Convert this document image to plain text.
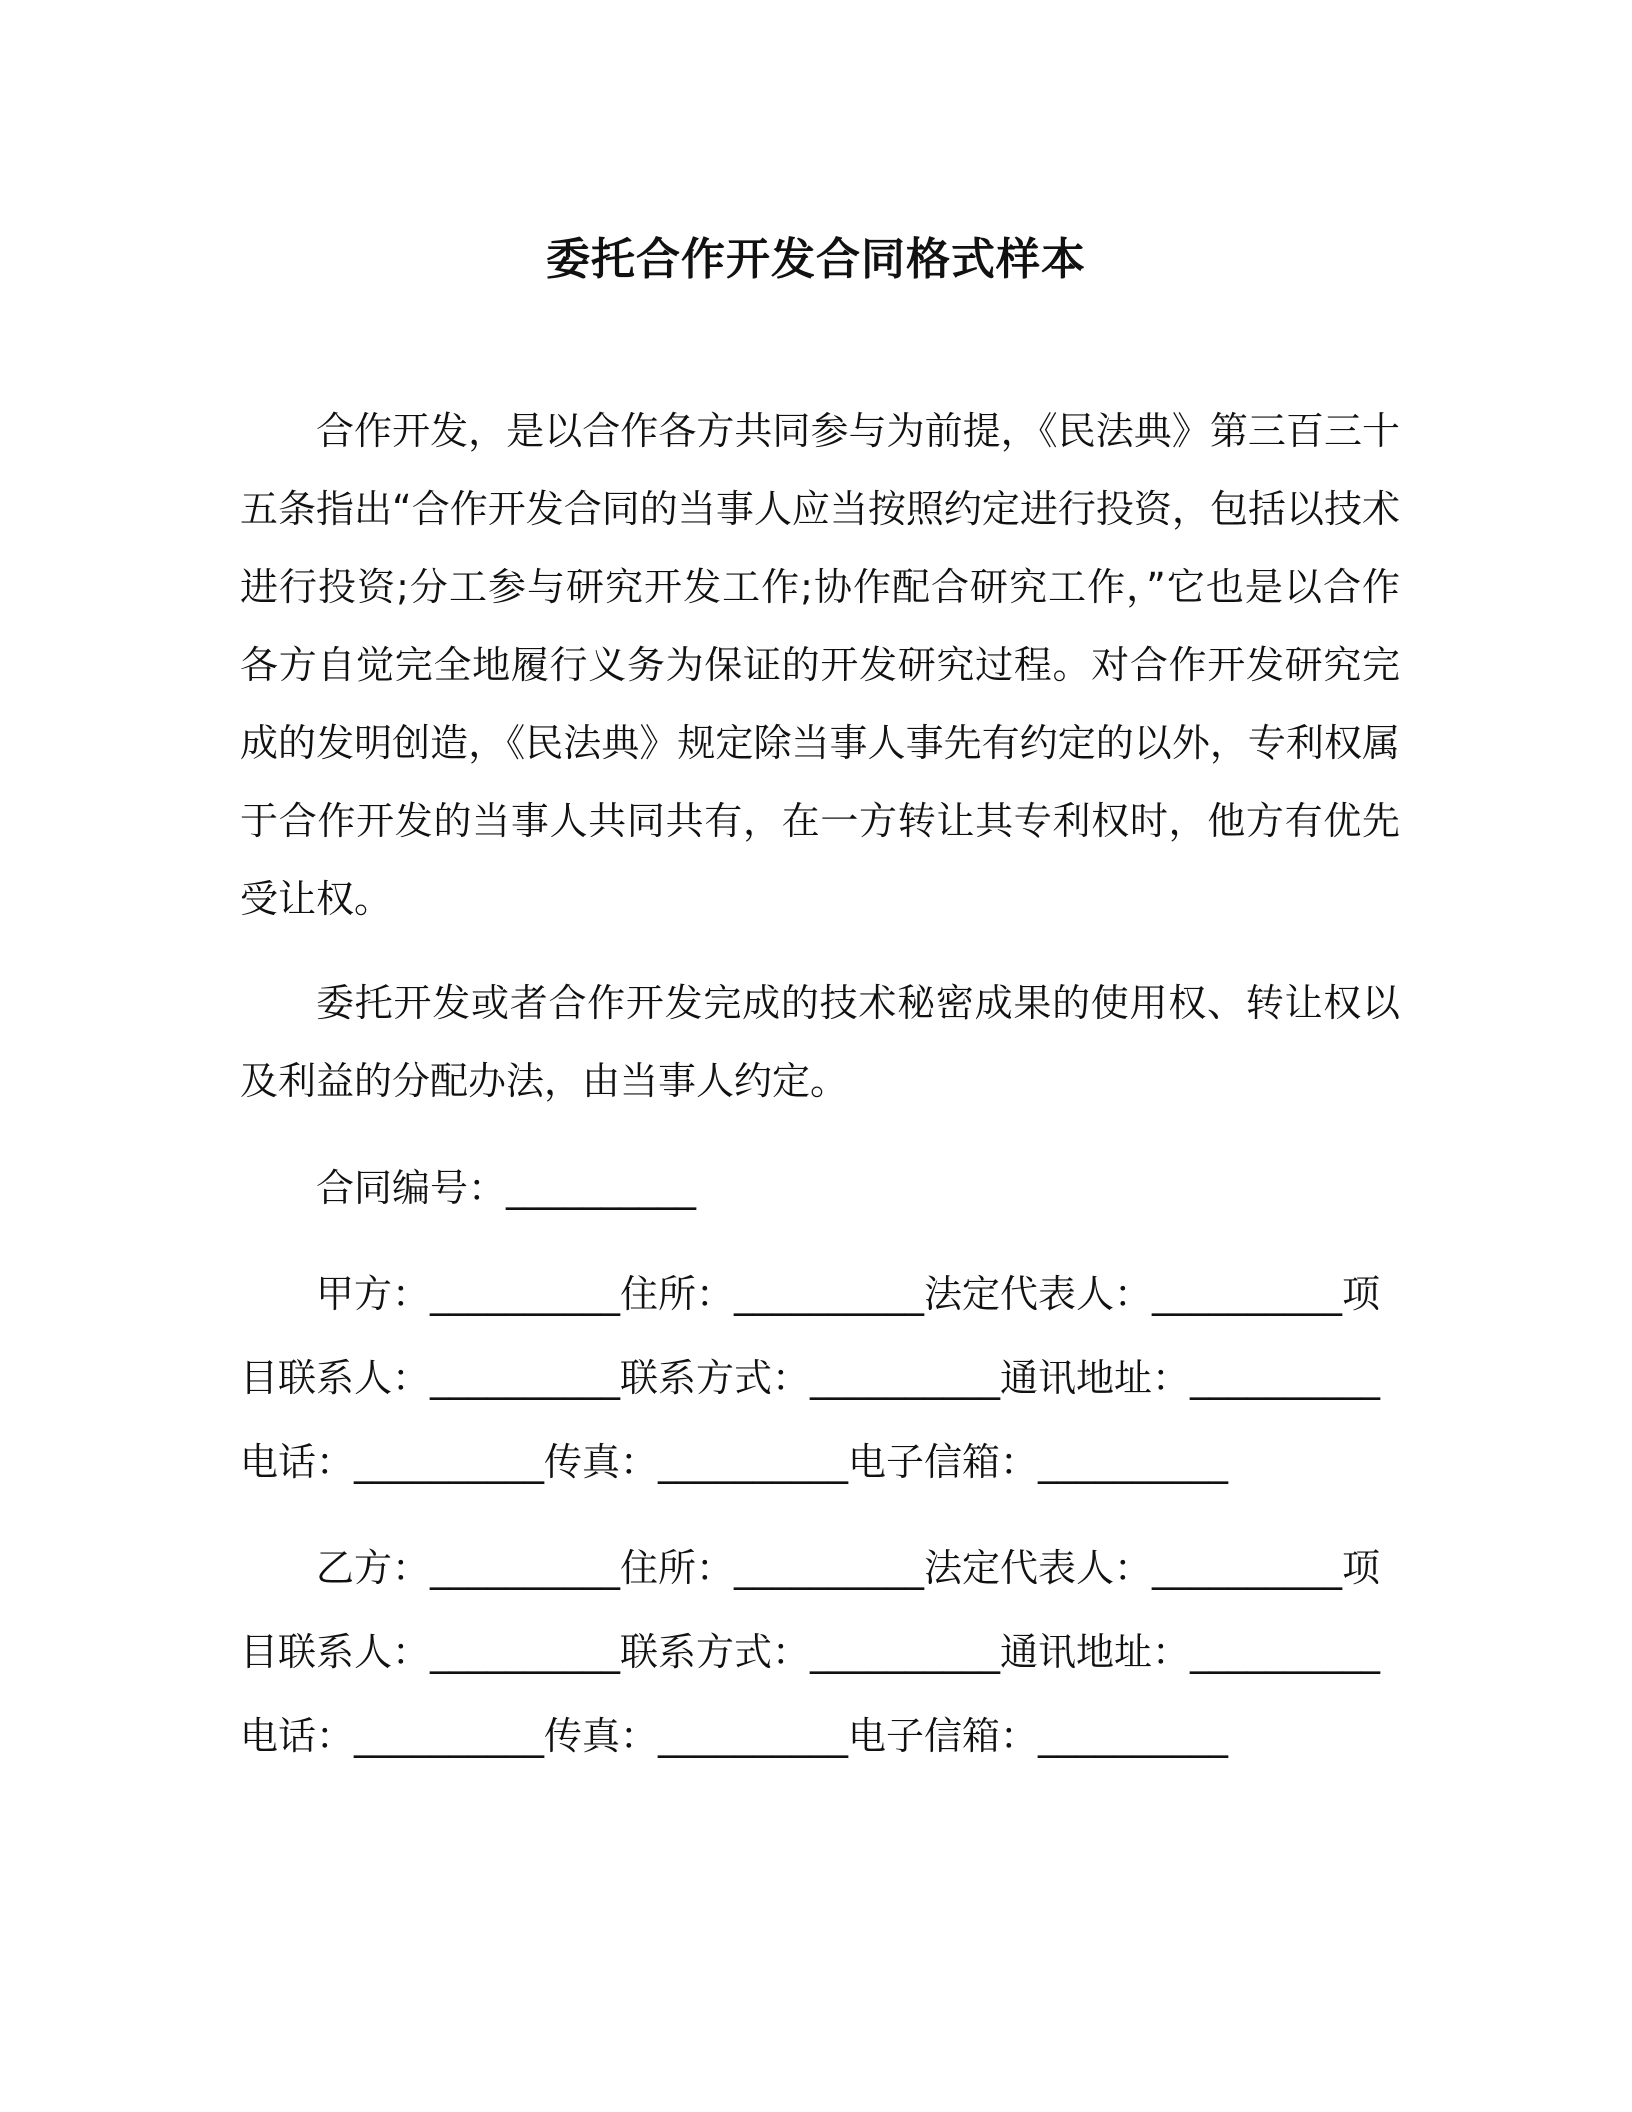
委托合作开发合同格式样本

合作开发，是以合作各方共同参与为前提，《民法典》第三百三十五条指出“合作开发合同的当事人应当按照约定进行投资，包括以技术进行投资;分工参与研究开发工作;协作配合研究工作，”它也是以合作各方自觉完全地履行义务为保证的开发研究过程。对合作开发研究完成的发明创造，《民法典》规定除当事人事先有约定的以外，专利权属于合作开发的当事人共同共有，在一方转让其专利权时，他方有优先受让权。

委托开发或者合作开发完成的技术秘密成果的使用权、转让权以及利益的分配办法，由当事人约定。

合同编号：__________

甲方：__________住所：__________法定代表人：__________项目联系人：__________联系方式：__________通讯地址：__________电话：__________传真：__________电子信箱：__________

乙方：__________住所：__________法定代表人：__________项目联系人：__________联系方式：__________通讯地址：__________电话：__________传真：__________电子信箱：__________
